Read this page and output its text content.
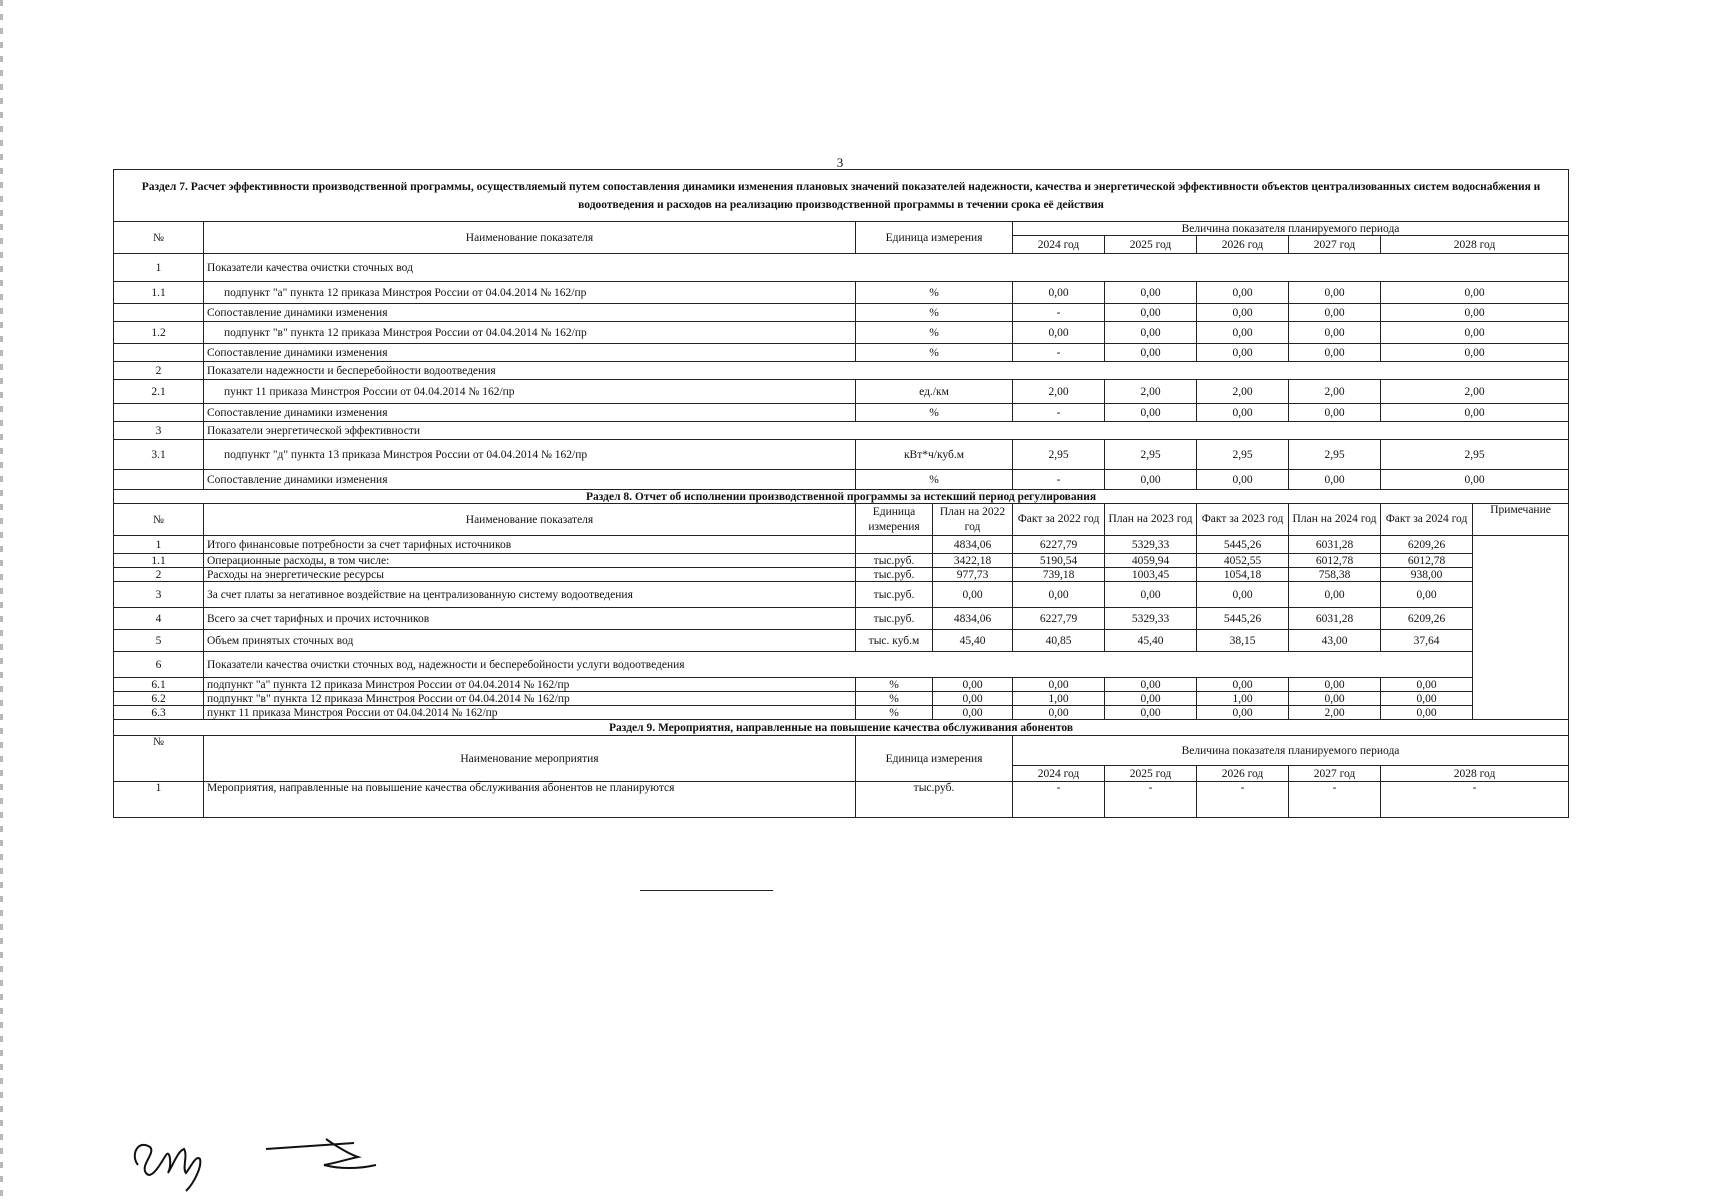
3
Раздел 7. Расчет эффективности производственной программы, осуществляемый путем сопоставления динамики изменения плановых значений показателей надежности, качества и энергетической эффективности объектов централизованных систем водоснабжения и водоотведения и расходов на реализацию производственной программы в течении срока её действия									
№	Наименование показателя	Единица измерения		Величина показателя планируемого периода					
				2024 год	2025 год	2026 год	2027 год	2028 год	
1	Показатели качества очистки сточных вод								
1.1	подпункт "а" пункта 12 приказа Минстроя России от 04.04.2014 № 162/пр	%		0,00	0,00	0,00	0,00	0,00	
	Сопоставление динамики изменения	%		-	0,00	0,00	0,00	0,00	
1.2	подпункт "в" пункта 12 приказа Минстроя России от 04.04.2014 № 162/пр	%		0,00	0,00	0,00	0,00	0,00	
	Сопоставление динамики изменения	%		-	0,00	0,00	0,00	0,00	
2	Показатели надежности и бесперебойности водоотведения								
2.1	пункт 11 приказа Минстроя России от 04.04.2014 № 162/пр	ед./км		2,00	2,00	2,00	2,00	2,00	
	Сопоставление динамики изменения	%		-	0,00	0,00	0,00	0,00	
3	Показатели энергетической эффективности								
3.1	подпункт "д" пункта 13 приказа Минстроя России от 04.04.2014 № 162/пр	кВт*ч/куб.м		2,95	2,95	2,95	2,95	2,95	
	Сопоставление динамики изменения	%		-	0,00	0,00	0,00	0,00	
Раздел 8. Отчет об исполнении производственной программы за истекший период регулирования									
№	Наименование показателя	Единица измерения	План на 2022 год	Факт за 2022 год	План на 2023 год	Факт за 2023 год	План на 2024 год	Факт за 2024 год	Примечание
1	Итого финансовые потребности за счет тарифных источников		4834,06	6227,79	5329,33	5445,26	6031,28	6209,26	
1.1	Операционные расходы, в том числе:	тыс.руб.	3422,18	5190,54	4059,94	4052,55	6012,78	6012,78	
2	Расходы на энергетические ресурсы	тыс.руб.	977,73	739,18	1003,45	1054,18	758,38	938,00	
3	За счет платы за негативное воздействие на централизованную систему водоотведения	тыс.руб.	0,00	0,00	0,00	0,00	0,00	0,00	
4	Всего за счет тарифных и прочих источников	тыс.руб.	4834,06	6227,79	5329,33	5445,26	6031,28	6209,26	
5	Объем принятых сточных вод	тыс. куб.м	45,40	40,85	45,40	38,15	43,00	37,64	
6	Показатели качества очистки сточных вод, надежности и бесперебойности услуги водоотведения								
6.1	подпункт "а" пункта 12 приказа Минстроя России от 04.04.2014 № 162/пр	%	0,00	0,00	0,00	0,00	0,00	0,00	
6.2	подпункт "в" пункта 12 приказа Минстроя России от 04.04.2014 № 162/пр	%	0,00	1,00	0,00	1,00	0,00	0,00	
6.3	пункт 11 приказа Минстроя России от 04.04.2014 № 162/пр	%	0,00	0,00	0,00	0,00	2,00	0,00	
Раздел 9. Мероприятия, направленные на повышение качества обслуживания абонентов									
№	Наименование мероприятия	Единица измерения		Величина показателя планируемого периода					
				2024 год	2025 год	2026 год	2027 год	2028 год	
1	Мероприятия, направленные на повышение качества обслуживания абонентов не планируются	тыс.руб.		-	-	-	-	-	
